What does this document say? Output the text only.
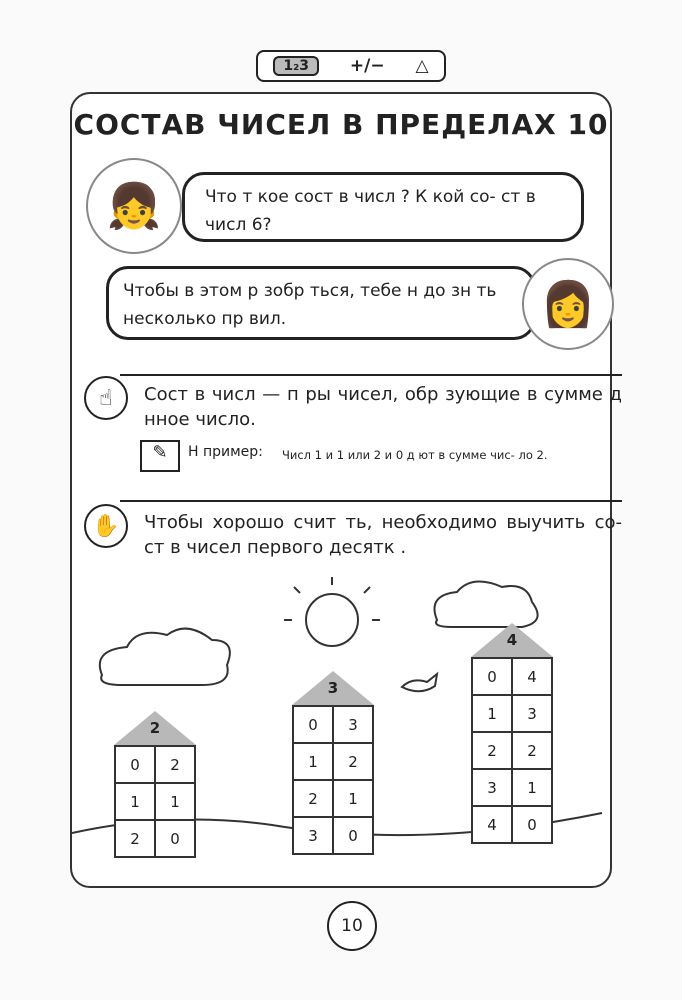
1₂3	+/− △
СОСТАВ ЧИСЕЛ В ПРЕДЕЛАХ 10
Что т кое сост в числ ? К кой со- ст в числ 6?
👧
Чтобы в этом р зобр ться, тебе н до зн ть несколько пр вил.	👩
☝	Сост в числ — п ры чисел, обр зующие в сумме д нное число.
✎	Н пример: Числ 1 и 1 или 2 и 0 д ют в сумме чис- ло 2.
✋	Чтобы хорошо счит ть, необходимо выучить со- ст в чисел первого десятк .
2
0	2
1	1
2	0
3
0	3
1	2
2	1
3	0
4
0	4
1	3
2	2
3	1
4	0
10
